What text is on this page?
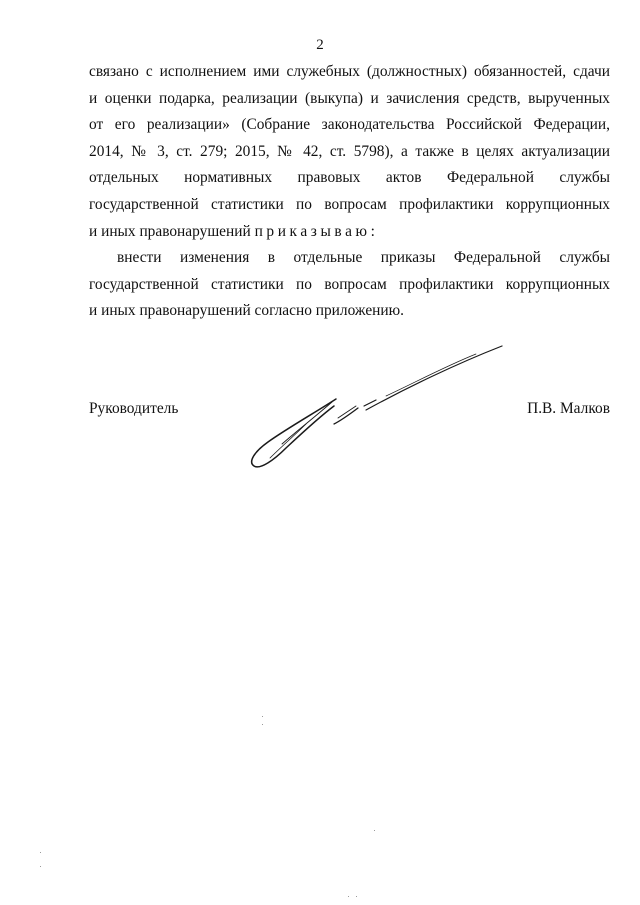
2
связано с исполнением ими служебных (должностных) обязанностей, сдачи
и оценки подарка, реализации (выкупа) и зачисления средств, вырученных
от его реализации» (Собрание законодательства Российской Федерации,
2014, № 3, ст. 279; 2015, № 42, ст. 5798), а также в целях актуализации
отдельных нормативных правовых актов Федеральной службы
государственной статистики по вопросам профилактики коррупционных
и иных правонарушений приказываю:
внести изменения в отдельные приказы Федеральной службы
государственной статистики по вопросам профилактики коррупционных
и иных правонарушений согласно приложению.
Руководитель	П.В. Малков
